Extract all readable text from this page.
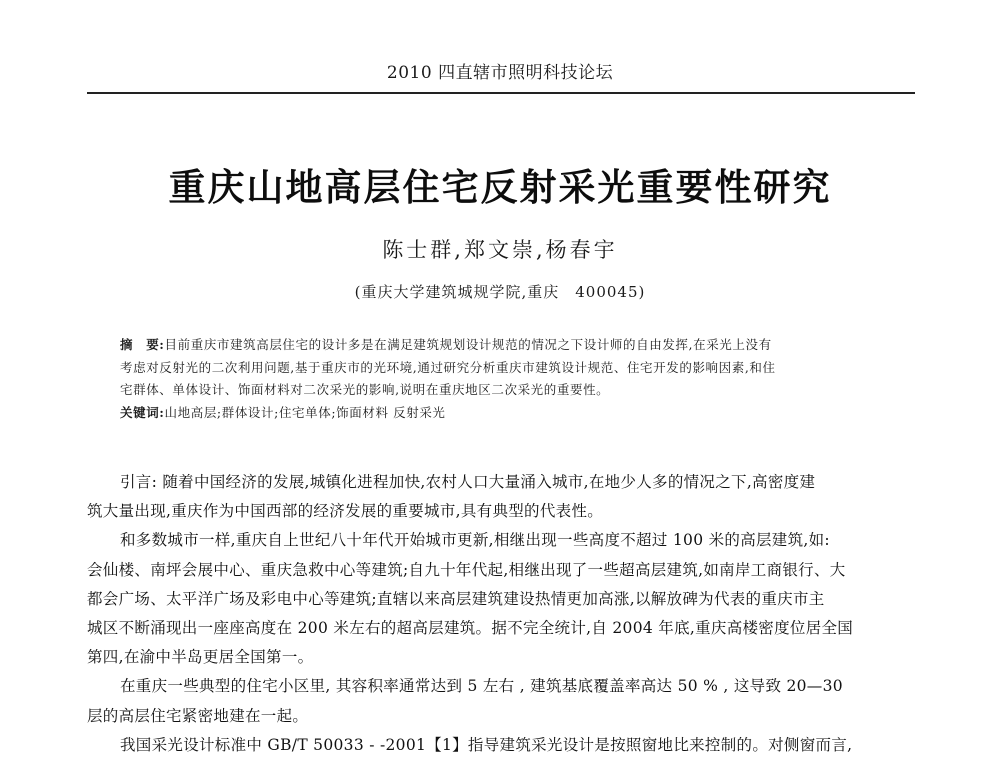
2010 四直辖市照明科技论坛
重庆山地高层住宅反射采光重要性研究
陈士群,郑文崇,杨春宇
(重庆大学建筑城规学院,重庆　400045)
摘　要:目前重庆市建筑高层住宅的设计多是在满足建筑规划设计规范的情况之下设计师的自由发挥,在采光上没有
考虑对反射光的二次利用问题,基于重庆市的光环境,通过研究分析重庆市建筑设计规范、住宅开发的影响因素,和住
宅群体、单体设计、饰面材料对二次采光的影响,说明在重庆地区二次采光的重要性。
关键词:山地高层;群体设计;住宅单体;饰面材料 反射采光
引言: 随着中国经济的发展,城镇化进程加快,农村人口大量涌入城市,在地少人多的情况之下,高密度建
筑大量出现,重庆作为中国西部的经济发展的重要城市,具有典型的代表性。
和多数城市一样,重庆自上世纪八十年代开始城市更新,相继出现一些高度不超过 100 米的高层建筑,如:
会仙楼、南坪会展中心、重庆急救中心等建筑;自九十年代起,相继出现了一些超高层建筑,如南岸工商银行、大
都会广场、太平洋广场及彩电中心等建筑;直辖以来高层建筑建设热情更加高涨,以解放碑为代表的重庆市主
城区不断涌现出一座座高度在 200 米左右的超高层建筑。据不完全统计,自 2004 年底,重庆高楼密度位居全国
第四,在渝中半岛更居全国第一。
在重庆一些典型的住宅小区里, 其容积率通常达到 5 左右 , 建筑基底覆盖率高达 50 % , 这导致 20—30
层的高层住宅紧密地建在一起。
我国采光设计标准中 GB/T 50033 - -2001【1】指导建筑采光设计是按照窗地比来控制的。对侧窗而言,
